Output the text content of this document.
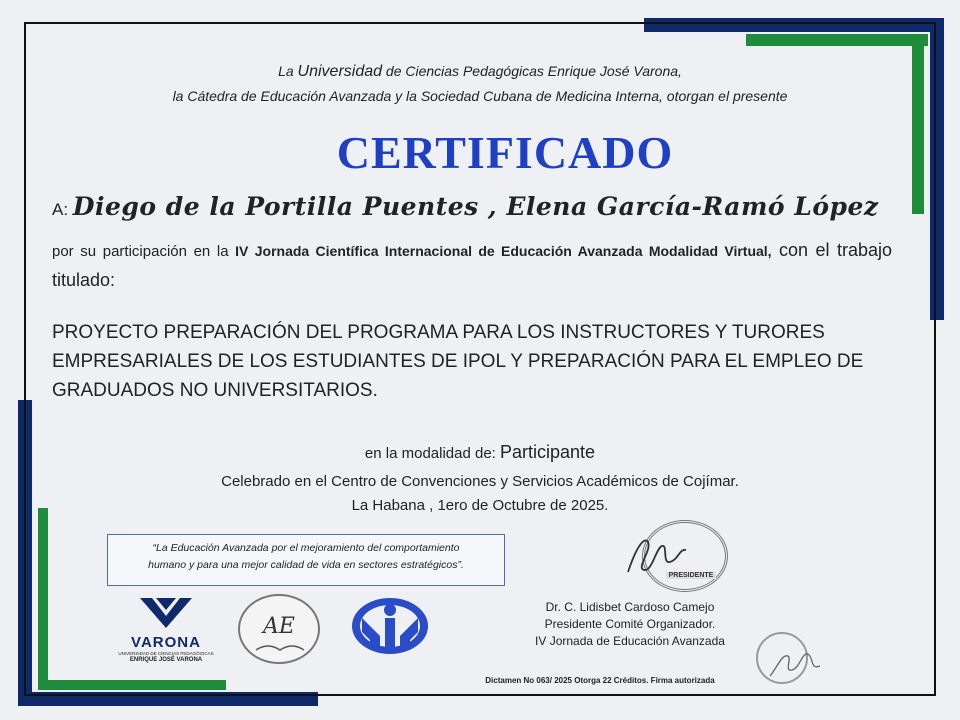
La Universidad de Ciencias Pedagógicas Enrique José Varona,
la Cátedra de Educación Avanzada y la Sociedad Cubana de Medicina Interna, otorgan el presente
CERTIFICADO
A: Diego de la Portilla Puentes , Elena García-Ramó López
por su participación en la IV Jornada Científica Internacional de Educación Avanzada Modalidad Virtual, con el trabajo titulado:
PROYECTO PREPARACIÓN DEL PROGRAMA PARA LOS INSTRUCTORES Y TURORES EMPRESARIALES DE LOS ESTUDIANTES DE IPOL Y PREPARACIÓN PARA EL EMPLEO DE GRADUADOS NO UNIVERSITARIOS.
en la modalidad de: Participante
Celebrado en el Centro de Convenciones y Servicios Académicos de Cojímar.
La Habana , 1ero de Octubre de 2025.
“La Educación Avanzada por el mejoramiento del comportamiento
humano y para una mejor calidad de vida en sectores estratégicos”.
VARONA
UNIVERSIDAD DE CIENCIAS PEDAGÓGICAS
ENRIQUE JOSÉ VARONA
AE
PRESIDENTE
Dr. C. Lidisbet Cardoso Camejo
Presidente Comité Organizador.
IV Jornada de Educación Avanzada
Dictamen No 063/ 2025 Otorga 22 Créditos. Firma autorizada
